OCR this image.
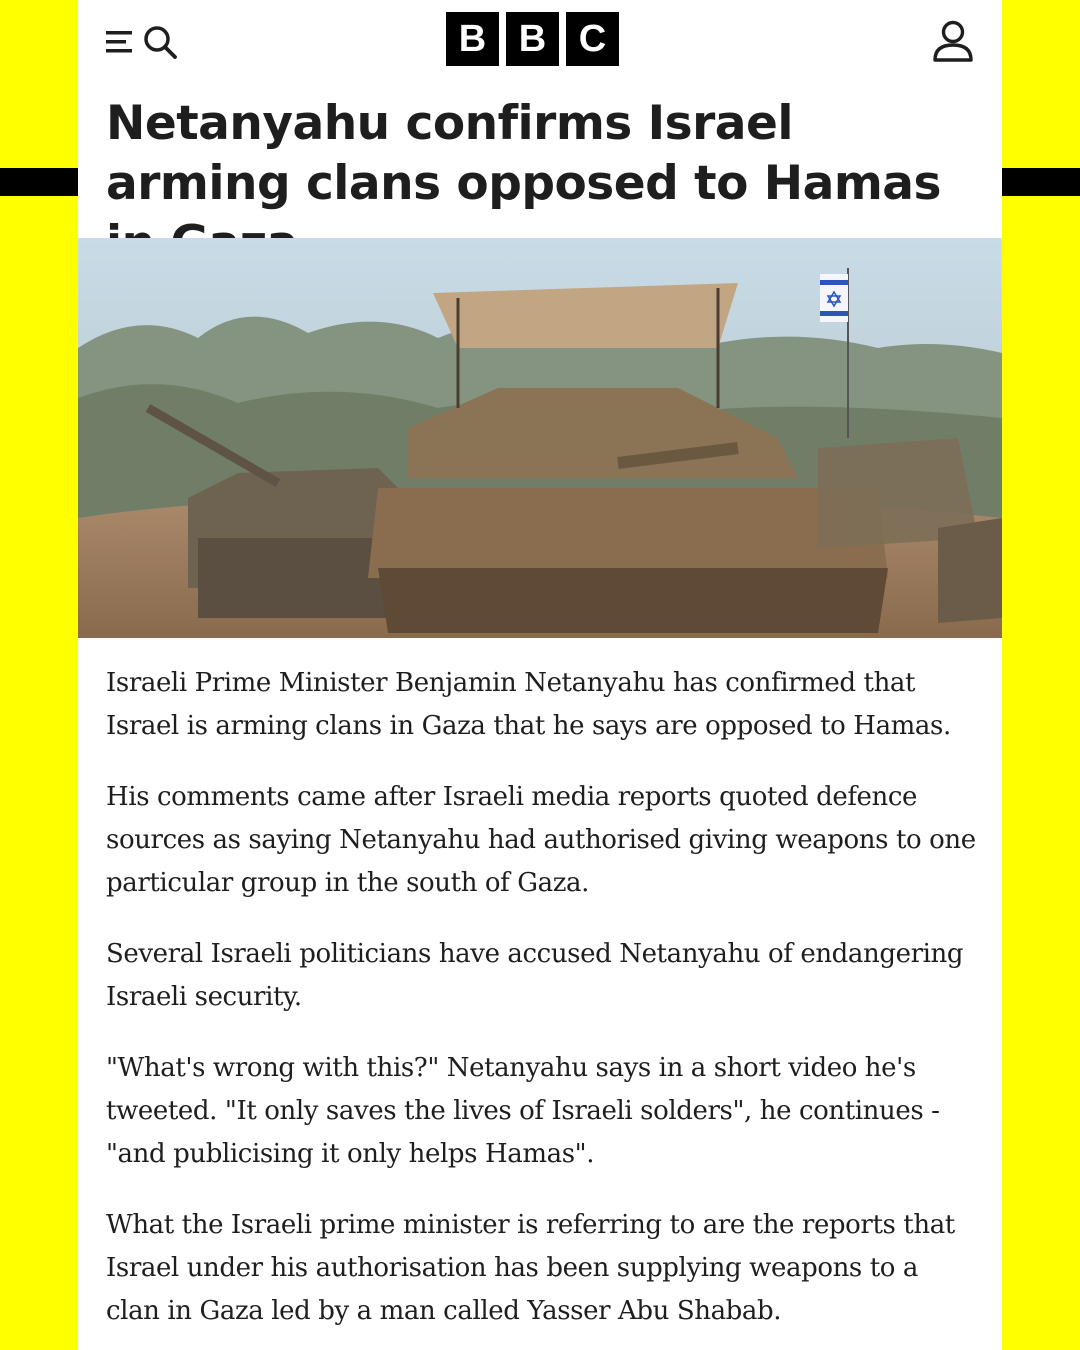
B B C
Netanyahu confirms Israel arming clans opposed to Hamas

Israeli Prime Minister Benjamin Netanyahu has confirmed that Israel is arming clans in Gaza that he says are opposed to Hamas.

His comments came after Israeli media reports quoted defence sources as saying Netanyahu had authorised giving weapons to one particular group in the south of Gaza.

Several Israeli politicians have accused Netanyahu of endangering Israeli security.

"What's wrong with this?" Netanyahu says in a short video he's tweeted. "It only saves the lives of Israeli solders", he continues - "and publicising it only helps Hamas".

What the Israeli prime minister is referring to are the reports that Israel under his authorisation has been supplying weapons to a clan in Gaza led by a man called Yasser Abu Shabab.
